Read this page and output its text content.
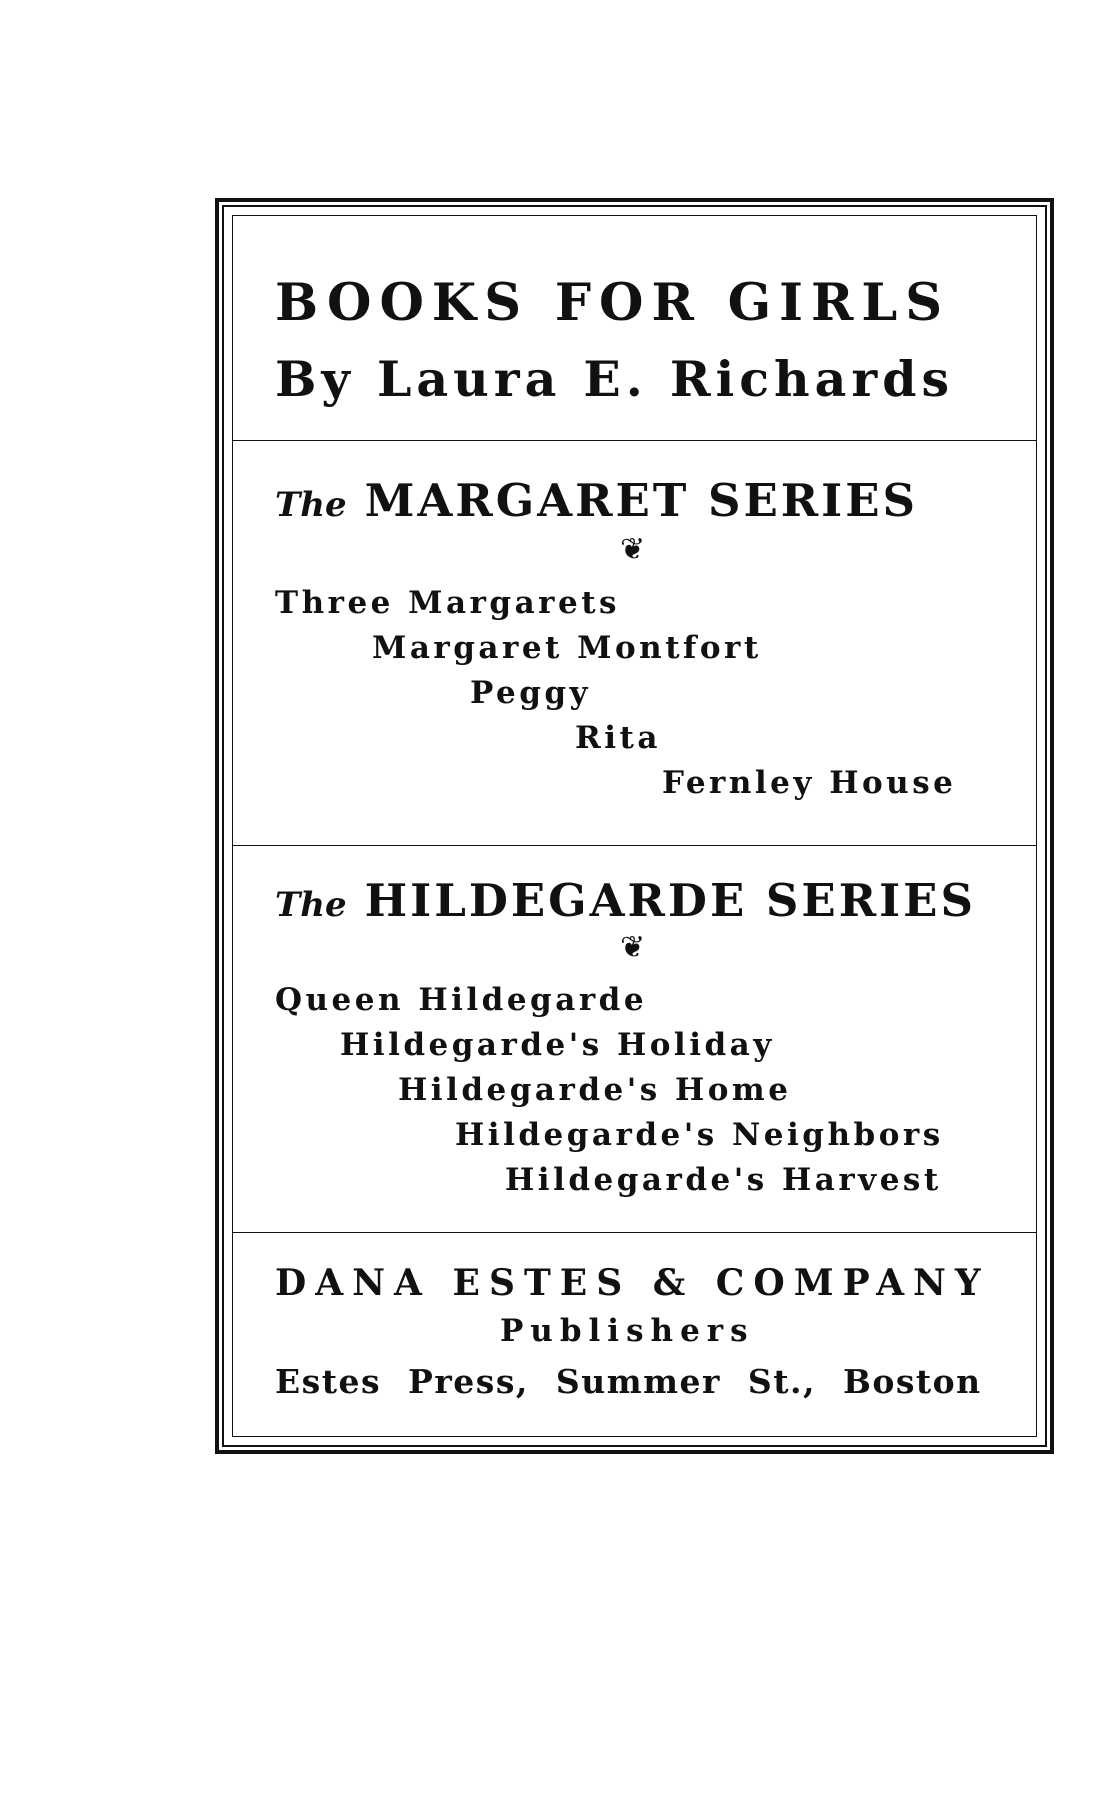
BOOKS FOR GIRLS
By Laura E. Richards
The MARGARET SERIES
❦
Three Margarets
Margaret Montfort
Peggy
Rita
Fernley House
The HILDEGARDE SERIES
❦
Queen Hildegarde
Hildegarde's Holiday
Hildegarde's Home
Hildegarde's Neighbors
Hildegarde's Harvest
DANA ESTES & COMPANY
Publishers
Estes Press, Summer St., Boston
